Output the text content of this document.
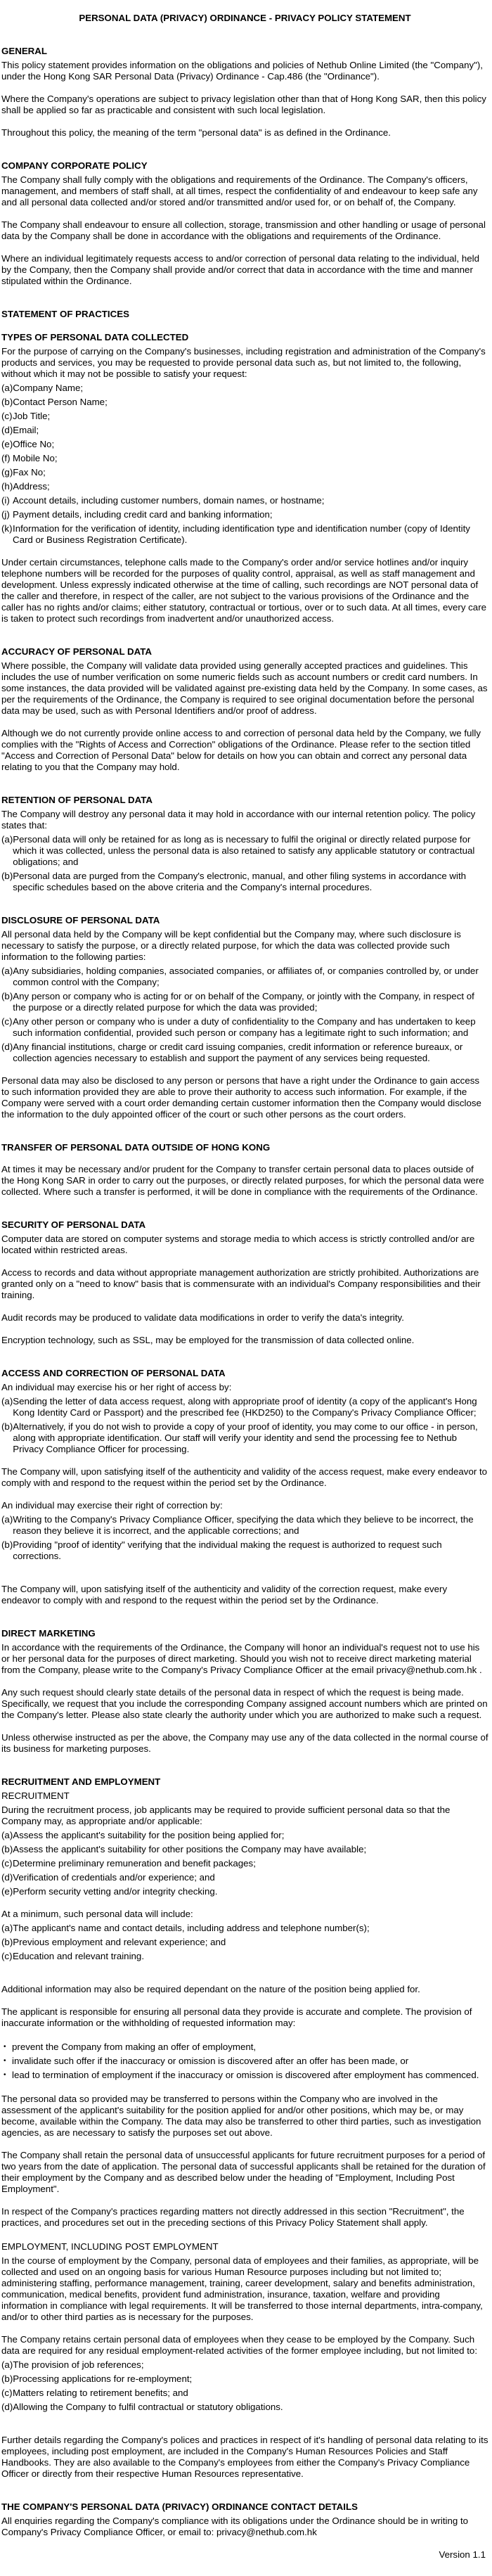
PERSONAL DATA (PRIVACY) ORDINANCE - PRIVACY POLICY STATEMENT
GENERAL

This policy statement provides information on the obligations and policies of Nethub Online Limited (the "Company"), under the Hong Kong SAR Personal Data (Privacy) Ordinance - Cap.486 (the "Ordinance").

Where the Company's operations are subject to privacy legislation other than that of Hong Kong SAR, then this policy shall be applied so far as practicable and consistent with such local legislation.

Throughout this policy, the meaning of the term "personal data" is as defined in the Ordinance.

COMPANY CORPORATE POLICY

The Company shall fully comply with the obligations and requirements of the Ordinance. The Company's officers, management, and members of staff shall, at all times, respect the confidentiality of and endeavour to keep safe any and all personal data collected and/or stored and/or transmitted and/or used for, or on behalf of, the Company.

The Company shall endeavour to ensure all collection, storage, transmission and other handling or usage of personal data by the Company shall be done in accordance with the obligations and requirements of the Ordinance.

Where an individual legitimately requests access to and/or correction of personal data relating to the individual, held by the Company, then the Company shall provide and/or correct that data in accordance with the time and manner stipulated within the Ordinance.

STATEMENT OF PRACTICES
TYPES OF PERSONAL DATA COLLECTED

For the purpose of carrying on the Company's businesses, including registration and administration of the Company's products and services, you may be requested to provide personal data such as, but not limited to, the following, without which it may not be possible to satisfy your request:

(a) Company Name;
(b) Contact Person Name;
(c) Job Title;
(d) Email;
(e) Office No;
(f) Mobile No;
(g) Fax No;
(h) Address;
(i) Account details, including customer numbers, domain names, or hostname;
(j) Payment details, including credit card and banking information;
(k) Information for the verification of identity, including identification type and identification number (copy of Identity Card or Business Registration Certificate).

Under certain circumstances, telephone calls made to the Company's order and/or service hotlines and/or inquiry telephone numbers will be recorded for the purposes of quality control, appraisal, as well as staff management and development. Unless expressly indicated otherwise at the time of calling, such recordings are NOT personal data of the caller and therefore, in respect of the caller, are not subject to the various provisions of the Ordinance and the caller has no rights and/or claims; either statutory, contractual or tortious, over or to such data. At all times, every care is taken to protect such recordings from inadvertent and/or unauthorized access.

ACCURACY OF PERSONAL DATA

Where possible, the Company will validate data provided using generally accepted practices and guidelines. This includes the use of number verification on some numeric fields such as account numbers or credit card numbers. In some instances, the data provided will be validated against pre-existing data held by the Company. In some cases, as per the requirements of the Ordinance, the Company is required to see original documentation before the personal data may be used, such as with Personal Identifiers and/or proof of address.

Although we do not currently provide online access to and correction of personal data held by the Company, we fully complies with the "Rights of Access and Correction" obligations of the Ordinance. Please refer to the section titled "Access and Correction of Personal Data" below for details on how you can obtain and correct any personal data relating to you that the Company may hold.

RETENTION OF PERSONAL DATA

The Company will destroy any personal data it may hold in accordance with our internal retention policy. The policy states that:

(a) Personal data will only be retained for as long as is necessary to fulfil the original or directly related purpose for which it was collected, unless the personal data is also retained to satisfy any applicable statutory or contractual obligations; and
(b) Personal data are purged from the Company's electronic, manual, and other filing systems in accordance with specific schedules based on the above criteria and the Company's internal procedures.
DISCLOSURE OF PERSONAL DATA

All personal data held by the Company will be kept confidential but the Company may, where such disclosure is necessary to satisfy the purpose, or a directly related purpose, for which the data was collected provide such information to the following parties:

(a) Any subsidiaries, holding companies, associated companies, or affiliates of, or companies controlled by, or under common control with the Company;
(b) Any person or company who is acting for or on behalf of the Company, or jointly with the Company, in respect of the purpose or a directly related purpose for which the data was provided;
(c) Any other person or company who is under a duty of confidentiality to the Company and has undertaken to keep such information confidential, provided such person or company has a legitimate right to such information; and
(d) Any financial institutions, charge or credit card issuing companies, credit information or reference bureaux, or collection agencies necessary to establish and support the payment of any services being requested.

Personal data may also be disclosed to any person or persons that have a right under the Ordinance to gain access to such information provided they are able to prove their authority to access such information. For example, if the Company were served with a court order demanding certain customer information then the Company would disclose the information to the duly appointed officer of the court or such other persons as the court orders.

TRANSFER OF PERSONAL DATA OUTSIDE OF HONG KONG

At times it may be necessary and/or prudent for the Company to transfer certain personal data to places outside of the Hong Kong SAR in order to carry out the purposes, or directly related purposes, for which the personal data were collected. Where such a transfer is performed, it will be done in compliance with the requirements of the Ordinance.

SECURITY OF PERSONAL DATA

Computer data are stored on computer systems and storage media to which access is strictly controlled and/or are located within restricted areas.

Access to records and data without appropriate management authorization are strictly prohibited. Authorizations are granted only on a "need to know" basis that is commensurate with an individual's Company responsibilities and their training.

Audit records may be produced to validate data modifications in order to verify the data's integrity.

Encryption technology, such as SSL, may be employed for the transmission of data collected online.

ACCESS AND CORRECTION OF PERSONAL DATA

An individual may exercise his or her right of access by:

(a) Sending the letter of data access request, along with appropriate proof of identity (a copy of the applicant's Hong Kong Identity Card or Passport) and the prescribed fee (HKD250) to the Company's Privacy Compliance Officer;
(b) Alternatively, if you do not wish to provide a copy of your proof of identity, you may come to our office - in person, along with appropriate identification. Our staff will verify your identity and send the processing fee to Nethub Privacy Compliance Officer for processing.

The Company will, upon satisfying itself of the authenticity and validity of the access request, make every endeavor to comply with and respond to the request within the period set by the Ordinance.

An individual may exercise their right of correction by:

(a) Writing to the Company's Privacy Compliance Officer, specifying the data which they believe to be incorrect, the reason they believe it is incorrect, and the applicable corrections; and
(b) Providing "proof of identity" verifying that the individual making the request is authorized to request such corrections.

The Company will, upon satisfying itself of the authenticity and validity of the correction request, make every endeavor to comply with and respond to the request within the period set by the Ordinance.

DIRECT MARKETING

In accordance with the requirements of the Ordinance, the Company will honor an individual's request not to use his or her personal data for the purposes of direct marketing. Should you wish not to receive direct marketing material from the Company, please write to the Company's Privacy Compliance Officer at the email privacy@nethub.com.hk .

Any such request should clearly state details of the personal data in respect of which the request is being made. Specifically, we request that you include the corresponding Company assigned account numbers which are printed on the Company's letter. Please also state clearly the authority under which you are authorized to make such a request.

Unless otherwise instructed as per the above, the Company may use any of the data collected in the normal course of its business for marketing purposes.

RECRUITMENT AND EMPLOYMENT
RECRUITMENT

During the recruitment process, job applicants may be required to provide sufficient personal data so that the Company may, as appropriate and/or applicable:

(a) Assess the applicant's suitability for the position being applied for;
(b) Assess the applicant's suitability for other positions the Company may have available;
(c) Determine preliminary remuneration and benefit packages;
(d) Verification of credentials and/or experience; and
(e) Perform security vetting and/or integrity checking.

At a minimum, such personal data will include:

(a) The applicant's name and contact details, including address and telephone number(s);
(b) Previous employment and relevant experience; and
(c) Education and relevant training.

Additional information may also be required dependant on the nature of the position being applied for.

The applicant is responsible for ensuring all personal data they provide is accurate and complete. The provision of inaccurate information or the withholding of requested information may:

• prevent the Company from making an offer of employment,
• invalidate such offer if the inaccuracy or omission is discovered after an offer has been made, or
• lead to termination of employment if the inaccuracy or omission is discovered after employment has commenced.

The personal data so provided may be transferred to persons within the Company who are involved in the assessment of the applicant's suitability for the position applied for and/or other positions, which may be, or may become, available within the Company. The data may also be transferred to other third parties, such as investigation agencies, as are necessary to satisfy the purposes set out above.

The Company shall retain the personal data of unsuccessful applicants for future recruitment purposes for a period of two years from the date of application. The personal data of successful applicants shall be retained for the duration of their employment by the Company and as described below under the heading of "Employment, Including Post Employment".

In respect of the Company's practices regarding matters not directly addressed in this section "Recruitment", the practices, and procedures set out in the preceding sections of this Privacy Policy Statement shall apply.

EMPLOYMENT, INCLUDING POST EMPLOYMENT

In the course of employment by the Company, personal data of employees and their families, as appropriate, will be collected and used on an ongoing basis for various Human Resource purposes including but not limited to; administering staffing, performance management, training, career development, salary and benefits administration, communication, medical benefits, provident fund administration, insurance, taxation, welfare and providing information in compliance with legal requirements. It will be transferred to those internal departments, intra-company, and/or to other third parties as is necessary for the purposes.

The Company retains certain personal data of employees when they cease to be employed by the Company. Such data are required for any residual employment-related activities of the former employee including, but not limited to:

(a) The provision of job references;
(b) Processing applications for re-employment;
(c) Matters relating to retirement benefits; and
(d) Allowing the Company to fulfil contractual or statutory obligations.

Further details regarding the Company's polices and practices in respect of it's handling of personal data relating to its employees, including post employment, are included in the Company's Human Resources Policies and Staff Handbooks. They are also available to the Company's employees from either the Company's Privacy Compliance Officer or directly from their respective Human Resources representative.

THE COMPANY'S PERSONAL DATA (PRIVACY) ORDINANCE CONTACT DETAILS

All enquiries regarding the Company's compliance with its obligations under the Ordinance should be in writing to Company's Privacy Compliance Officer, or email to: privacy@nethub.com.hk

Version 1.1
